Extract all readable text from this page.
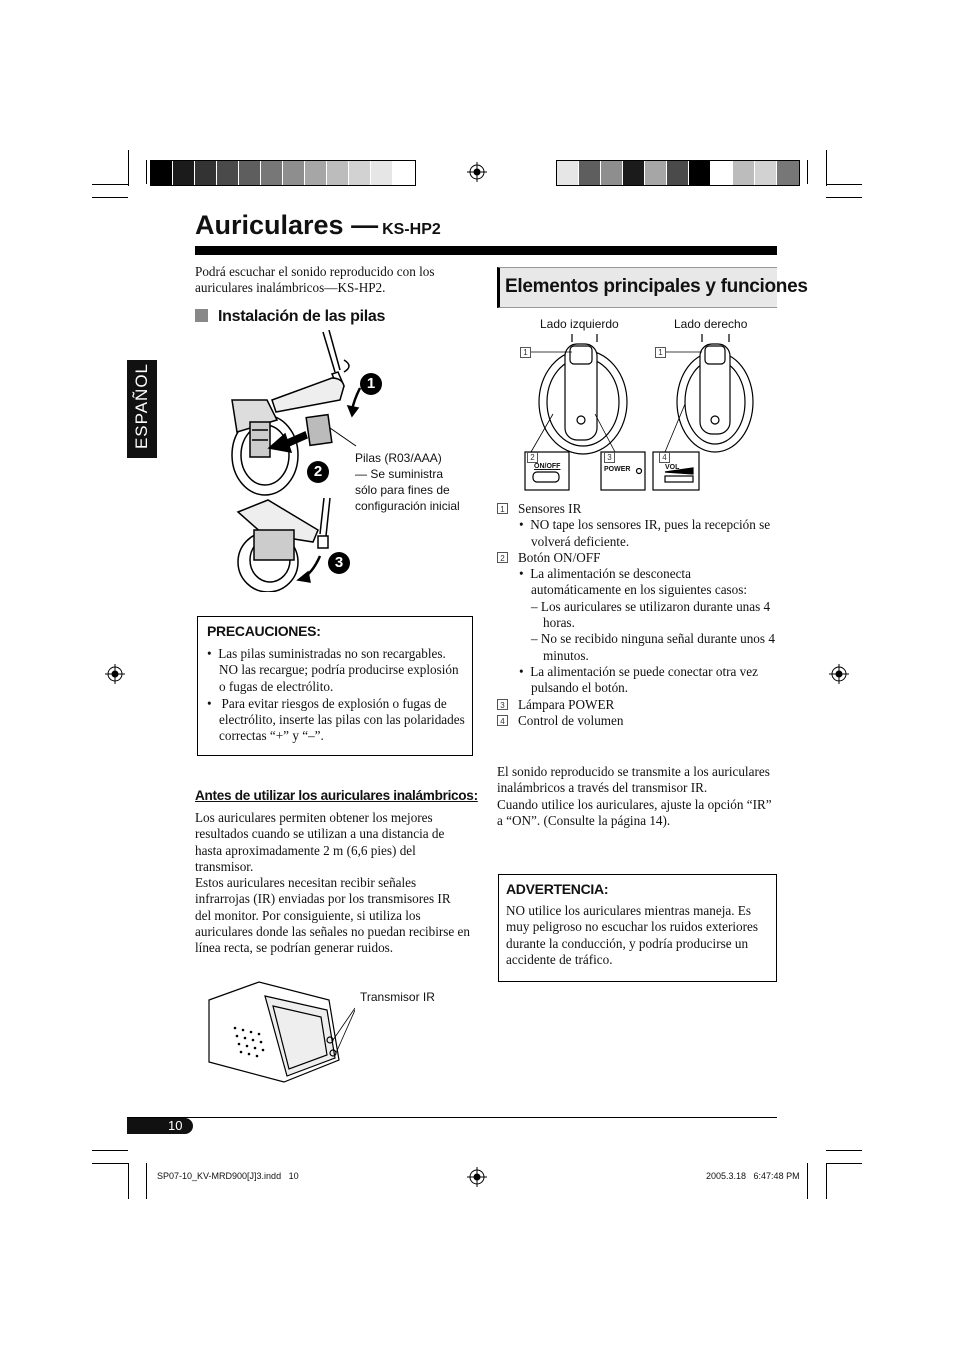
Auriculares — KS-HP2
ESPAÑOL
Podrá escuchar el sonido reproducido con los auriculares inalámbricos—KS-HP2.
Instalación de las pilas
1
2
3
Pilas (R03/AAA)
— Se suministra
sólo para fines de
configuración inicial
PRECAUCIONES:
•  Las pilas suministradas no son recargables. NO las recargue; podría producirse explosión o fugas de electrólito.
•   Para evitar riesgos de explosión o fugas de electrólito, inserte las pilas con las polaridades correctas “+” y “–”.
Antes de utilizar los auriculares inalámbricos:
Los auriculares permiten obtener los mejores resultados cuando se utilizan a una distancia de hasta aproximadamente 2 m (6,6 pies) del transmisor.
Estos auriculares necesitan recibir señales infrarrojas (IR) enviadas por los transmisores IR del monitor. Por consiguiente, si utiliza los auriculares donde las señales no puedan recibirse en línea recta, se podrían generar ruidos.
Transmisor IR
Elementos principales y funciones
Lado izquierdo	Lado derecho
1	1
2	3	4
ON/OFF	POWER	VOL
1 Sensores IR
•  NO tape los sensores IR, pues la recepción se volverá deficiente.
2 Botón ON/OFF
•  La alimentación se desconecta automáticamente en los siguientes casos:
– Los auriculares se utilizaron durante unas 4 horas.
– No se recibido ninguna señal durante unos 4 minutos.
•  La alimentación se puede conectar otra vez pulsando el botón.
3 Lámpara POWER
4 Control de volumen
El sonido reproducido se transmite a los auriculares inalámbricos a través del transmisor IR.
Cuando utilice los auriculares, ajuste la opción “IR” a “ON”. (Consulte la página 14).
ADVERTENCIA:
NO utilice los auriculares mientras maneja. Es muy peligroso no escuchar los ruidos exteriores durante la conducción, y podría producirse un accidente de tráfico.
10
SP07-10_KV-MRD900[J]3.indd   10	2005.3.18   6:47:48 PM
